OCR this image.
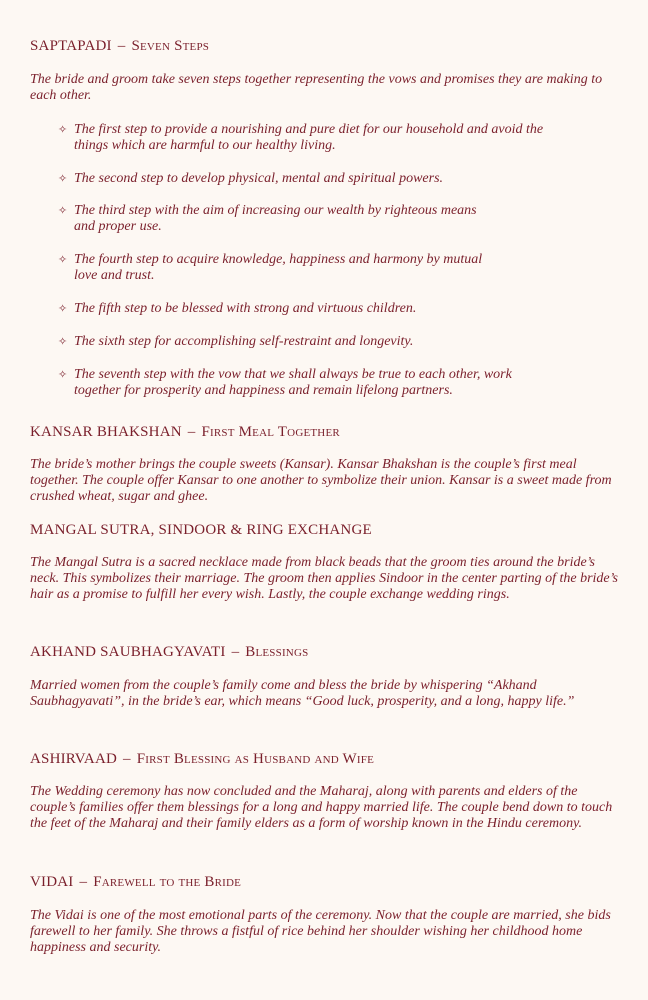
SAPTAPADI – Seven Steps

The bride and groom take seven steps together representing the vows and promises they are making to each other.

✧ The first step to provide a nourishing and pure diet for our household and avoid the things which are harmful to our healthy living.
✧ The second step to develop physical, mental and spiritual powers.
✧ The third step with the aim of increasing our wealth by righteous means and proper use.
✧ The fourth step to acquire knowledge, happiness and harmony by mutual love and trust.
✧ The fifth step to be blessed with strong and virtuous children.
✧ The sixth step for accomplishing self-restraint and longevity.
✧ The seventh step with the vow that we shall always be true to each other, work together for prosperity and happiness and remain lifelong partners.
KANSAR BHAKSHAN – First Meal Together

The bride’s mother brings the couple sweets (Kansar). Kansar Bhakshan is the couple’s first meal together. The couple offer Kansar to one another to symbolize their union. Kansar is a sweet made from crushed wheat, sugar and ghee.

MANGAL SUTRA, SINDOOR & RING EXCHANGE

The Mangal Sutra is a sacred necklace made from black beads that the groom ties around the bride’s neck. This symbolizes their marriage. The groom then applies Sindoor in the center parting of the bride’s hair as a promise to fulfill her every wish. Lastly, the couple exchange wedding rings.

AKHAND SAUBHAGYAVATI – Blessings

Married women from the couple’s family come and bless the bride by whispering “Akhand Saubhagyavati”, in the bride’s ear, which means “Good luck, prosperity, and a long, happy life.”

ASHIRVAAD – First Blessing as Husband and Wife

The Wedding ceremony has now concluded and the Maharaj, along with parents and elders of the couple’s families offer them blessings for a long and happy married life. The couple bend down to touch the feet of the Maharaj and their family elders as a form of worship known in the Hindu ceremony.

VIDAI – Farewell to the Bride

The Vidai is one of the most emotional parts of the ceremony. Now that the couple are married, she bids farewell to her family. She throws a fistful of rice behind her shoulder wishing her childhood home happiness and security.
